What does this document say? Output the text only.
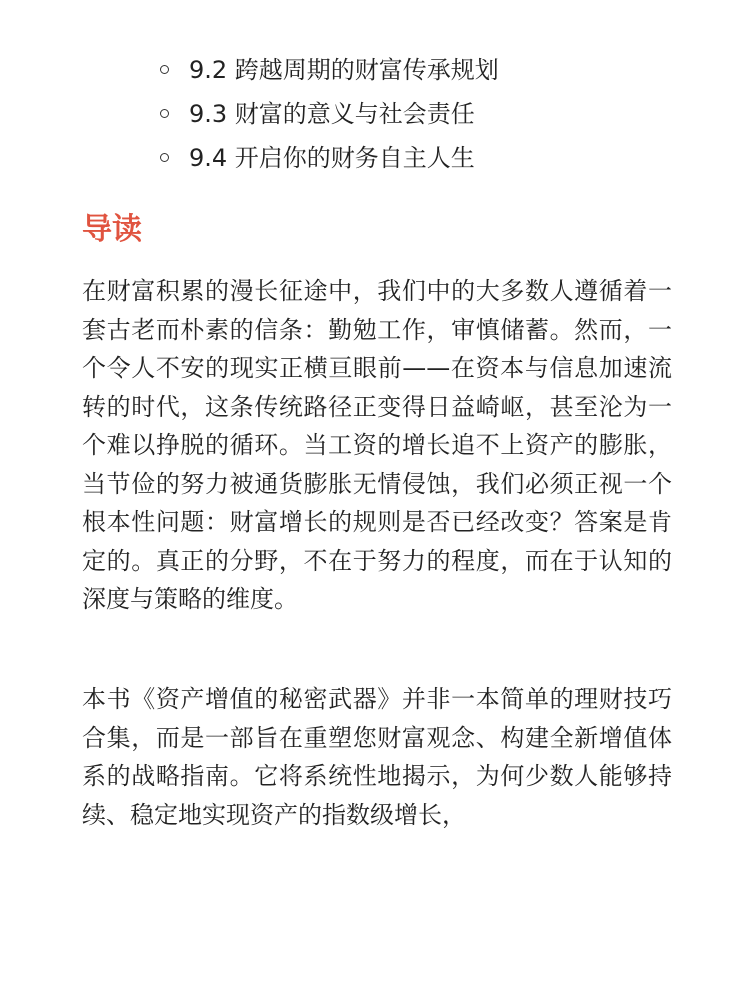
9.2 跨越周期的财富传承规划
9.3 财富的意义与社会责任
9.4 开启你的财务自主人生
导读

在财富积累的漫长征途中，我们中的大多数人遵循着一套古老而朴素的信条：勤勉工作，审慎储蓄。然而，一个令人不安的现实正横亘眼前——在资本与信息加速流转的时代，这条传统路径正变得日益崎岖，甚至沦为一个难以挣脱的循环。当工资的增长追不上资产的膨胀，当节俭的努力被通货膨胀无情侵蚀，我们必须正视一个根本性问题：财富增长的规则是否已经改变？答案是肯定的。真正的分野，不在于努力的程度，而在于认知的深度与策略的维度。

本书《资产增值的秘密武器》并非一本简单的理财技巧合集，而是一部旨在重塑您财富观念、构建全新增值体系的战略指南。它将系统性地揭示，为何少数人能够持续、稳定地实现资产的指数级增长，
